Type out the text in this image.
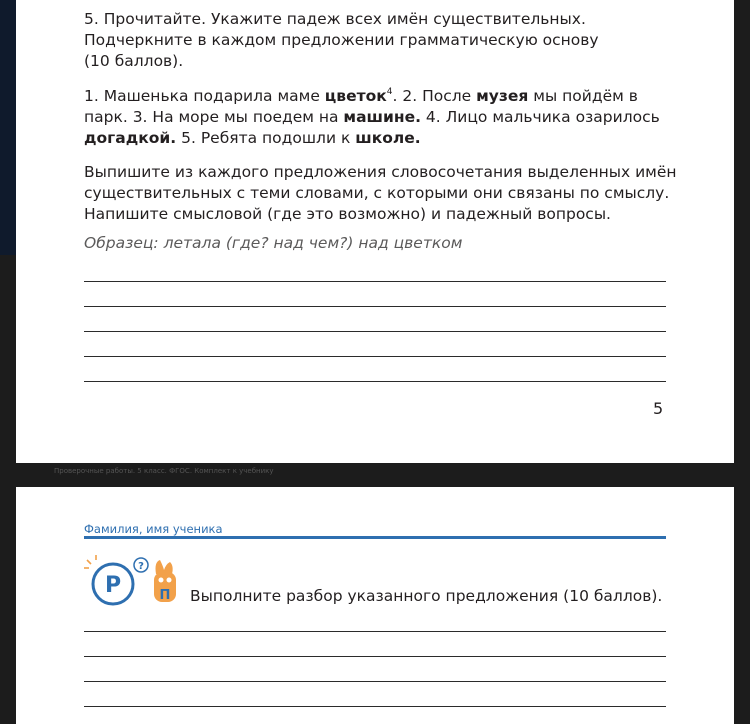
5. Прочитайте. Укажите падеж всех имён существительных. Подчеркните в каждом предложении грамматическую основу
(10 баллов).

1. Машенька подарила маме цветок$^4$. 2. После музея мы пойдём в парк. 3. На море мы поедем на машине. 4. Лицо мальчика озарилось догадкой. 5. Ребята подошли к школе.

Выпишите из каждого предложения словосочетания выделенных имён существительных с теми словами, с которыми они связаны по смыслу. Напишите смысловой (где это возможно) и падежный вопросы.

Образец: летала (где? над чем?) над цветком

5
Проверочные работы. 5 класс. ФГОС. Комплект к учебнику
Фамилия, имя ученика
Р
?
П Выполните разбор указанного предложения (10 баллов).
